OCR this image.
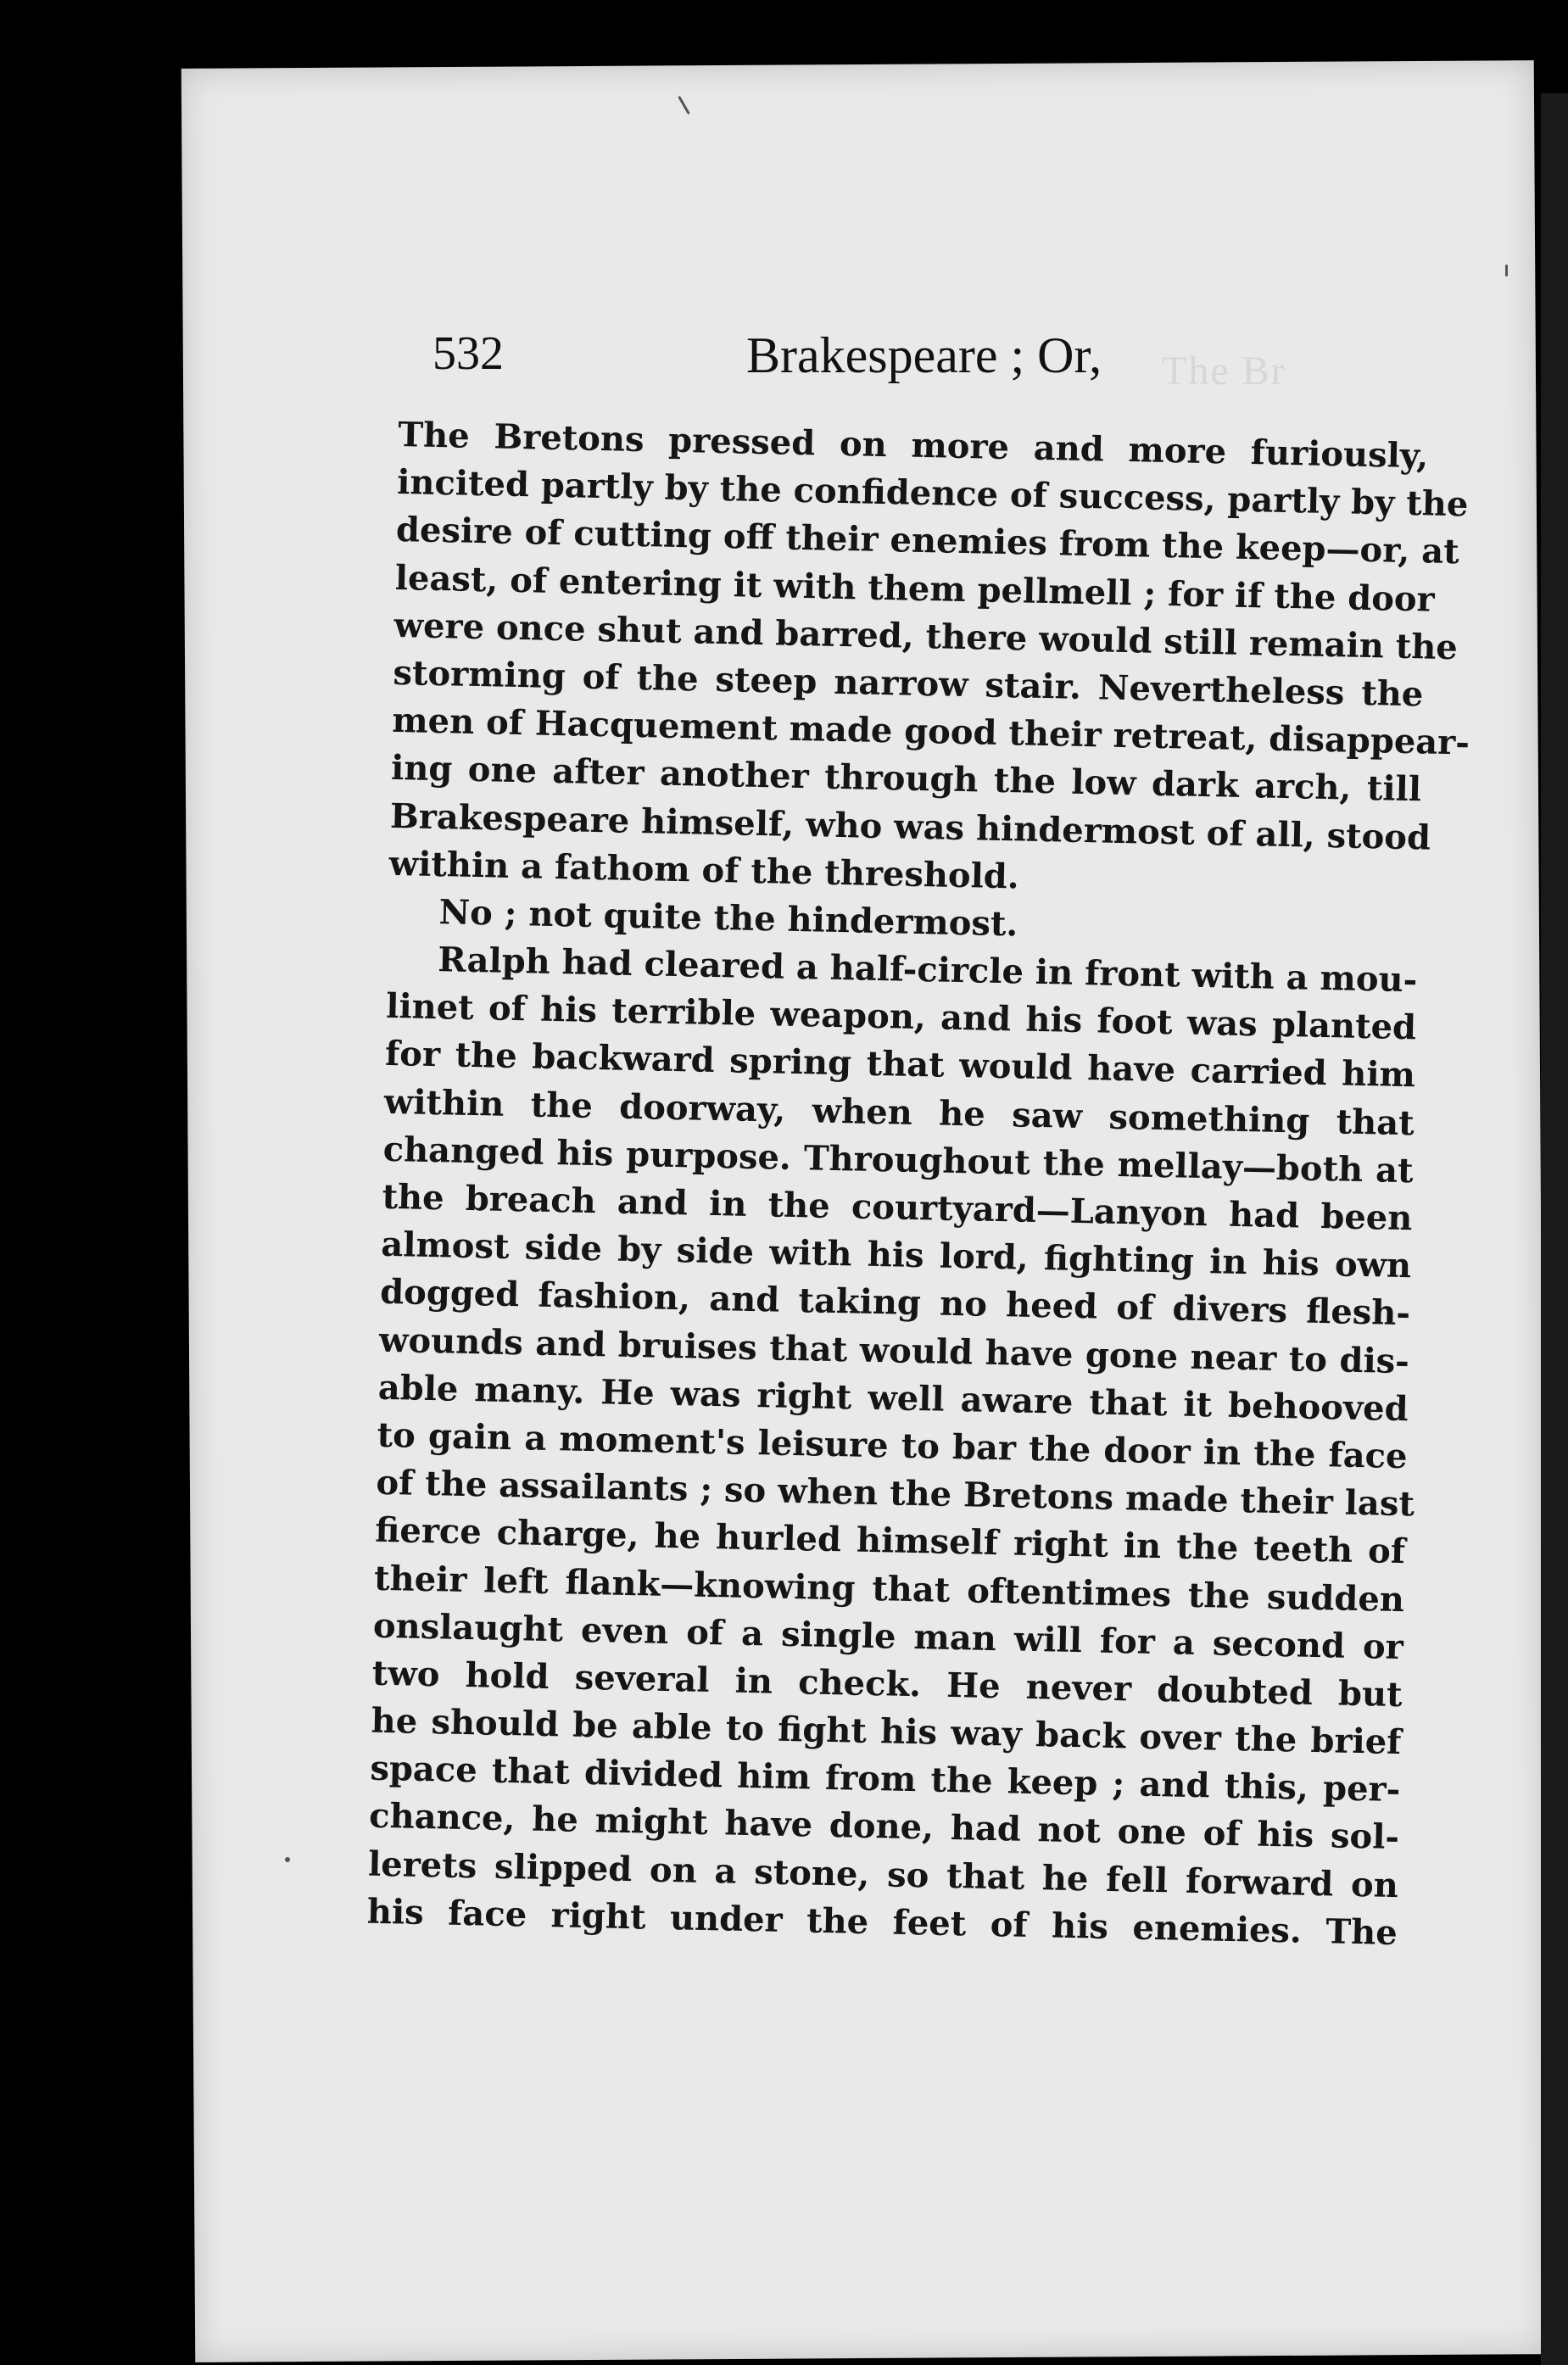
The Br
532	Brakespeare ; Or,
The Bretons pressed on more and more furiously,
incited partly by the confidence of success, partly by the
desire of cutting off their enemies from the keep—or, at
least, of entering it with them pellmell ; for if the door
were once shut and barred, there would still remain the
storming of the steep narrow stair. Nevertheless the
men of Hacquement made good their retreat, disappear-
ing one after another through the low dark arch, till
Brakespeare himself, who was hindermost of all, stood
within a fathom of the threshold.
No ; not quite the hindermost.
Ralph had cleared a half-circle in front with a mou-
linet of his terrible weapon, and his foot was planted
for the backward spring that would have carried him
within the doorway, when he saw something that
changed his purpose. Throughout the mellay—both at
the breach and in the courtyard—Lanyon had been
almost side by side with his lord, fighting in his own
dogged fashion, and taking no heed of divers flesh-
wounds and bruises that would have gone near to dis-
able many. He was right well aware that it behooved
to gain a moment's leisure to bar the door in the face
of the assailants ; so when the Bretons made their last
fierce charge, he hurled himself right in the teeth of
their left flank—knowing that oftentimes the sudden
onslaught even of a single man will for a second or
two hold several in check. He never doubted but
he should be able to fight his way back over the brief
space that divided him from the keep ; and this, per-
chance, he might have done, had not one of his sol-
lerets slipped on a stone, so that he fell forward on
his face right under the feet of his enemies. The
